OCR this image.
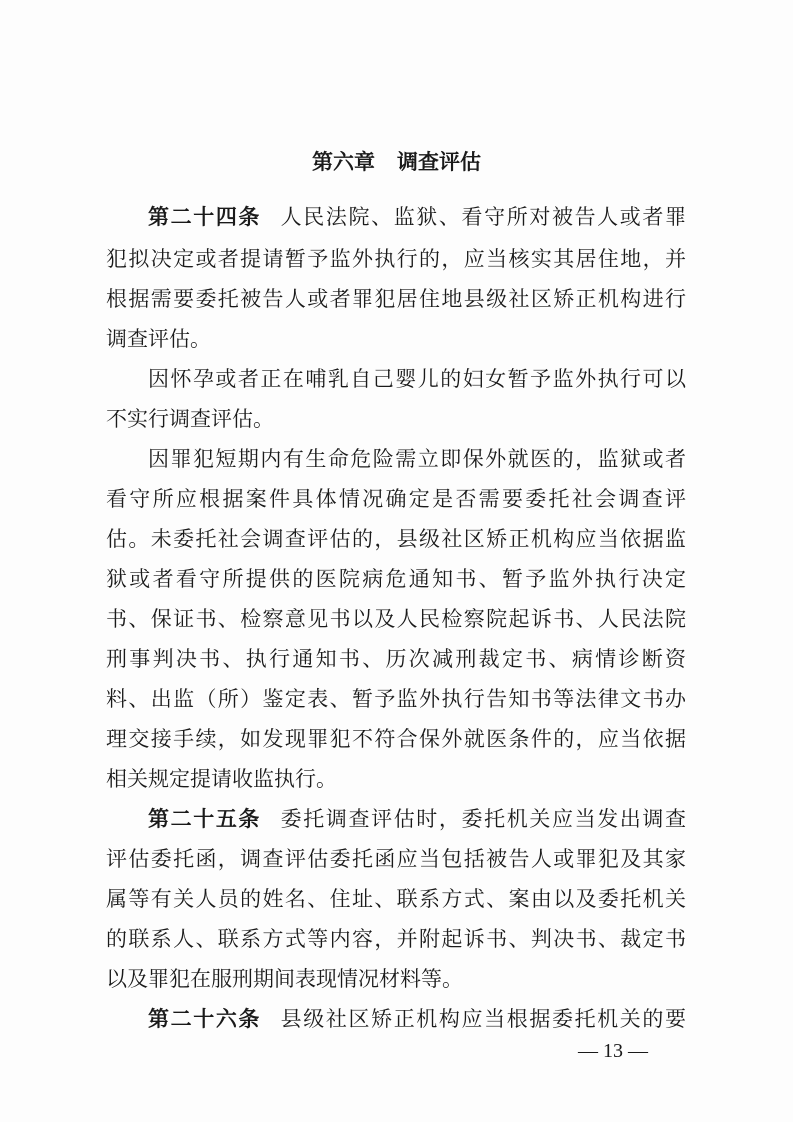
第六章 调查评估
第二十四条 人民法院、监狱、看守所对被告人或者罪
犯拟决定或者提请暂予监外执行的，应当核实其居住地，并
根据需要委托被告人或者罪犯居住地县级社区矫正机构进行
调查评估。
因怀孕或者正在哺乳自己婴儿的妇女暂予监外执行可以
不实行调查评估。
因罪犯短期内有生命危险需立即保外就医的，监狱或者
看守所应根据案件具体情况确定是否需要委托社会调查评
估。未委托社会调查评估的，县级社区矫正机构应当依据监
狱或者看守所提供的医院病危通知书、暂予监外执行决定
书、保证书、检察意见书以及人民检察院起诉书、人民法院
刑事判决书、执行通知书、历次减刑裁定书、病情诊断资
料、出监（所）鉴定表、暂予监外执行告知书等法律文书办
理交接手续，如发现罪犯不符合保外就医条件的，应当依据
相关规定提请收监执行。
第二十五条 委托调查评估时，委托机关应当发出调查
评估委托函，调查评估委托函应当包括被告人或罪犯及其家
属等有关人员的姓名、住址、联系方式、案由以及委托机关
的联系人、联系方式等内容，并附起诉书、判决书、裁定书
以及罪犯在服刑期间表现情况材料等。
第二十六条 县级社区矫正机构应当根据委托机关的要
— 13 —
